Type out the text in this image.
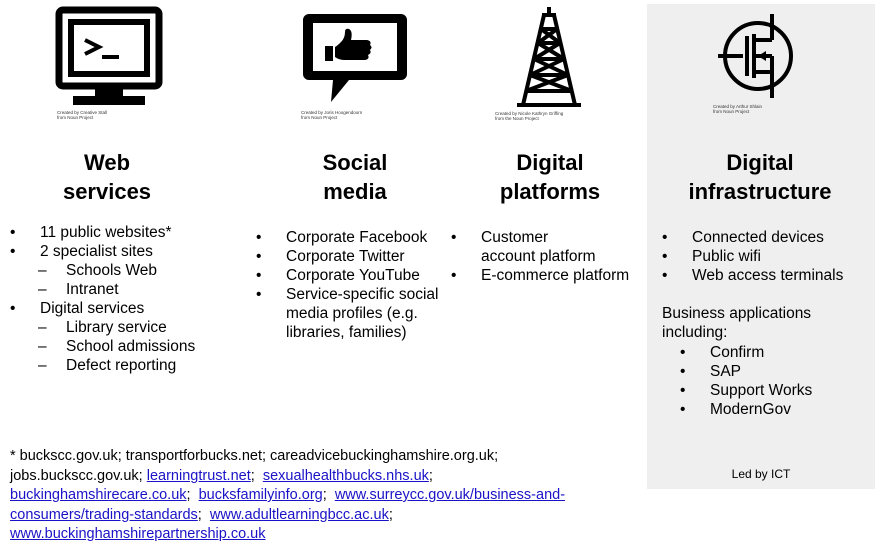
Created by Creative Stall
from Noun Project
Created by Joris Hoogendoorn
from Noun Project
Created by Nicole Kathryn Griffing
from the Noun Project
Created by Arthur Shlain
from Noun Project
Web
services
Social
media
Digital
platforms
Digital
infrastructure
• 11 public websites*
• 2 specialist sites
– Schools Web
– Intranet
• Digital services
– Library service
– School admissions
– Defect reporting
• Corporate Facebook
• Corporate Twitter
• Corporate YouTube
• Service-specific social media profiles (e.g. libraries, families)
• Customer account platform
• E-commerce platform
• Connected devices
• Public wifi
• Web access terminals
Business applications including:
• Confirm
• SAP
• Support Works
• ModernGov
Led by ICT
* buckscc.gov.uk; transportforbucks.net; careadvicebuckinghamshire.org.uk;
jobs.buckscc.gov.uk; learningtrust.net;  sexualhealthbucks.nhs.uk;
buckinghamshirecare.co.uk;  bucksfamilyinfo.org;  www.surreycc.gov.uk/business-and-consumers/trading-standards;  www.adultlearningbcc.ac.uk;
www.buckinghamshirepartnership.co.uk
